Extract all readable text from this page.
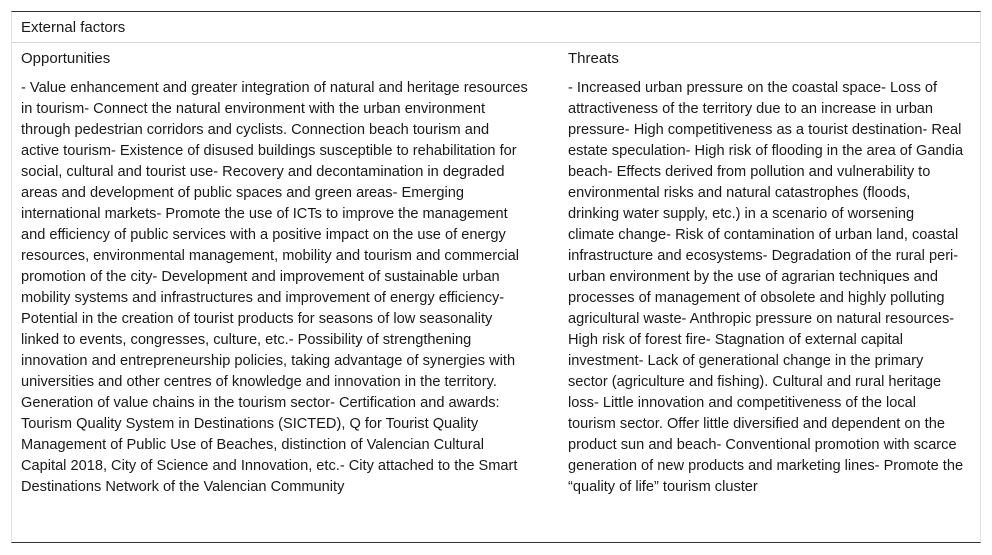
External factors
Opportunities
- Value enhancement and greater integration of natural and heritage resources in tourism- Connect the natural environment with the urban environment through pedestrian corridors and cyclists. Connection beach tourism and active tourism- Existence of disused buildings susceptible to rehabilitation for social, cultural and tourist use- Recovery and decontamination in degraded areas and development of public spaces and green areas- Emerging international markets- Promote the use of ICTs to improve the management and efficiency of public services with a positive impact on the use of energy resources, environmental management, mobility and tourism and commercial promotion of the city- Development and improvement of sustainable urban mobility systems and infrastructures and improvement of energy efficiency- Potential in the creation of tourist products for seasons of low seasonality linked to events, congresses, culture, etc.- Possibility of strengthening innovation and entrepreneurship policies, taking advantage of synergies with universities and other centres of knowledge and innovation in the territory. Generation of value chains in the tourism sector- Certification and awards: Tourism Quality System in Destinations (SICTED), Q for Tourist Quality Management of Public Use of Beaches, distinction of Valencian Cultural Capital 2018, City of Science and Innovation, etc.- City attached to the Smart Destinations Network of the Valencian Community
Threats
- Increased urban pressure on the coastal space- Loss of attractiveness of the territory due to an increase in urban pressure- High competitiveness as a tourist destination- Real estate speculation- High risk of flooding in the area of Gandia beach- Effects derived from pollution and vulnerability to environmental risks and natural catastrophes (floods, drinking water supply, etc.) in a scenario of worsening climate change- Risk of contamination of urban land, coastal infrastructure and ecosystems- Degradation of the rural peri-urban environment by the use of agrarian techniques and processes of management of obsolete and highly polluting agricultural waste- Anthropic pressure on natural resources- High risk of forest fire- Stagnation of external capital investment- Lack of generational change in the primary sector (agriculture and fishing). Cultural and rural heritage loss- Little innovation and competitiveness of the local tourism sector. Offer little diversified and dependent on the product sun and beach- Conventional promotion with scarce generation of new products and marketing lines- Promote the “quality of life” tourism cluster
